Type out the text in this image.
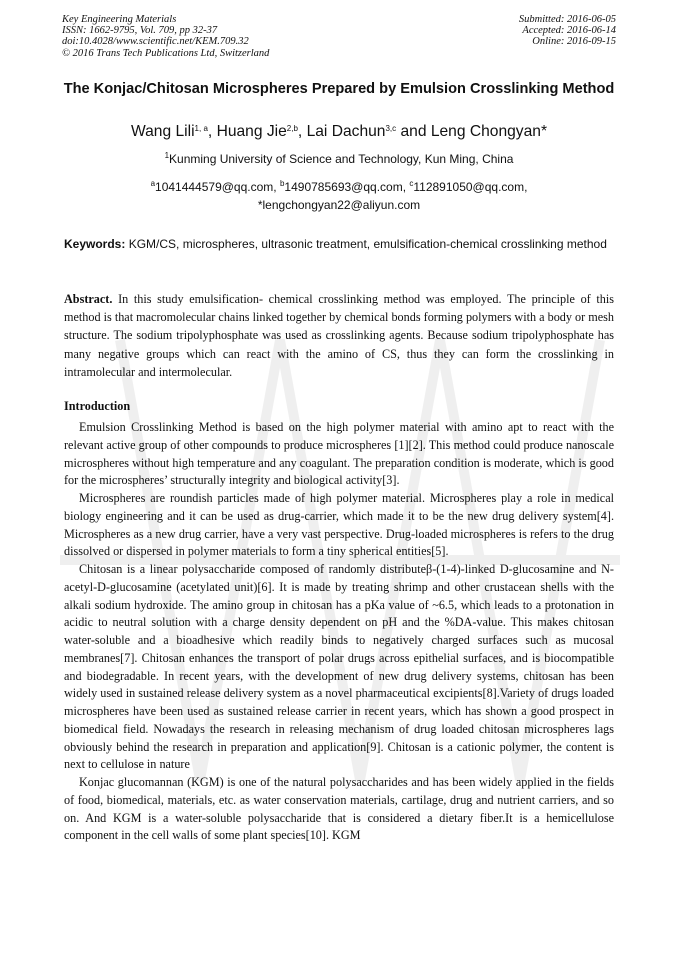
Key Engineering Materials
ISSN: 1662-9795, Vol. 709, pp 32-37
doi:10.4028/www.scientific.net/KEM.709.32
© 2016 Trans Tech Publications Ltd, Switzerland
Submitted: 2016-06-05
Accepted: 2016-06-14
Online: 2016-09-15
The Konjac/Chitosan Microspheres Prepared by Emulsion Crosslinking Method
Wang Lili$^{1, a}$, Huang Jie$^{2,b}$, Lai Dachun$^{3,c}$ and Leng Chongyan*
$^1$Kunming University of Science and Technology, Kun Ming, China
$^a$1041444579@qq.com, $^b$1490785693@qq.com, $^c$112891050@qq.com,
*lengchongyan22@aliyun.com
Keywords: KGM/CS, microspheres, ultrasonic treatment, emulsification-chemical crosslinking method
Abstract. In this study emulsification- chemical crosslinking method was employed. The principle of this method is that macromolecular chains linked together by chemical bonds forming polymers with a body or mesh structure. The sodium tripolyphosphate was used as crosslinking agents. Because sodium tripolyphosphate has many negative groups which can react with the amino of CS, thus they can form the crosslinking in intramolecular and intermolecular.
Introduction

Emulsion Crosslinking Method is based on the high polymer material with amino apt to react with the relevant active group of other compounds to produce microspheres [1][2]. This method could produce nanoscale microspheres without high temperature and any coagulant. The preparation condition is moderate, which is good for the microspheres’ structurally integrity and biological activity[3].

Microspheres are roundish particles made of high polymer material. Microspheres play a role in medical biology engineering and it can be used as drug-carrier, which made it to be the new drug delivery system[4]. Microspheres as a new drug carrier, have a very vast perspective. Drug-loaded microspheres is refers to the drug dissolved or dispersed in polymer materials to form a tiny spherical entities[5].

Chitosan is a linear polysaccharide composed of randomly distributeβ-(1-4)-linked D-glucosamine and N-acetyl-D-glucosamine (acetylated unit)[6]. It is made by treating shrimp and other crustacean shells with the alkali sodium hydroxide. The amino group in chitosan has a pKa value of ~6.5, which leads to a protonation in acidic to neutral solution with a charge density dependent on pH and the %DA-value. This makes chitosan water-soluble and a bioadhesive which readily binds to negatively charged surfaces such as mucosal membranes[7]. Chitosan enhances the transport of polar drugs across epithelial surfaces, and is biocompatible and biodegradable. In recent years, with the development of new drug delivery systems, chitosan has been widely used in sustained release delivery system as a novel pharmaceutical excipients[8].Variety of drugs loaded microspheres have been used as sustained release carrier in recent years, which has shown a good prospect in biomedical field. Nowadays the research in releasing mechanism of drug loaded chitosan microspheres lags obviously behind the research in preparation and application[9]. Chitosan is a cationic polymer, the content is next to cellulose in nature

Konjac glucomannan (KGM) is one of the natural polysaccharides and has been widely applied in the fields of food, biomedical, materials, etc. as water conservation materials, cartilage, drug and nutrient carriers, and so on. And KGM is a water-soluble polysaccharide that is considered a dietary fiber.It is a hemicellulose component in the cell walls of some plant species[10]. KGM
